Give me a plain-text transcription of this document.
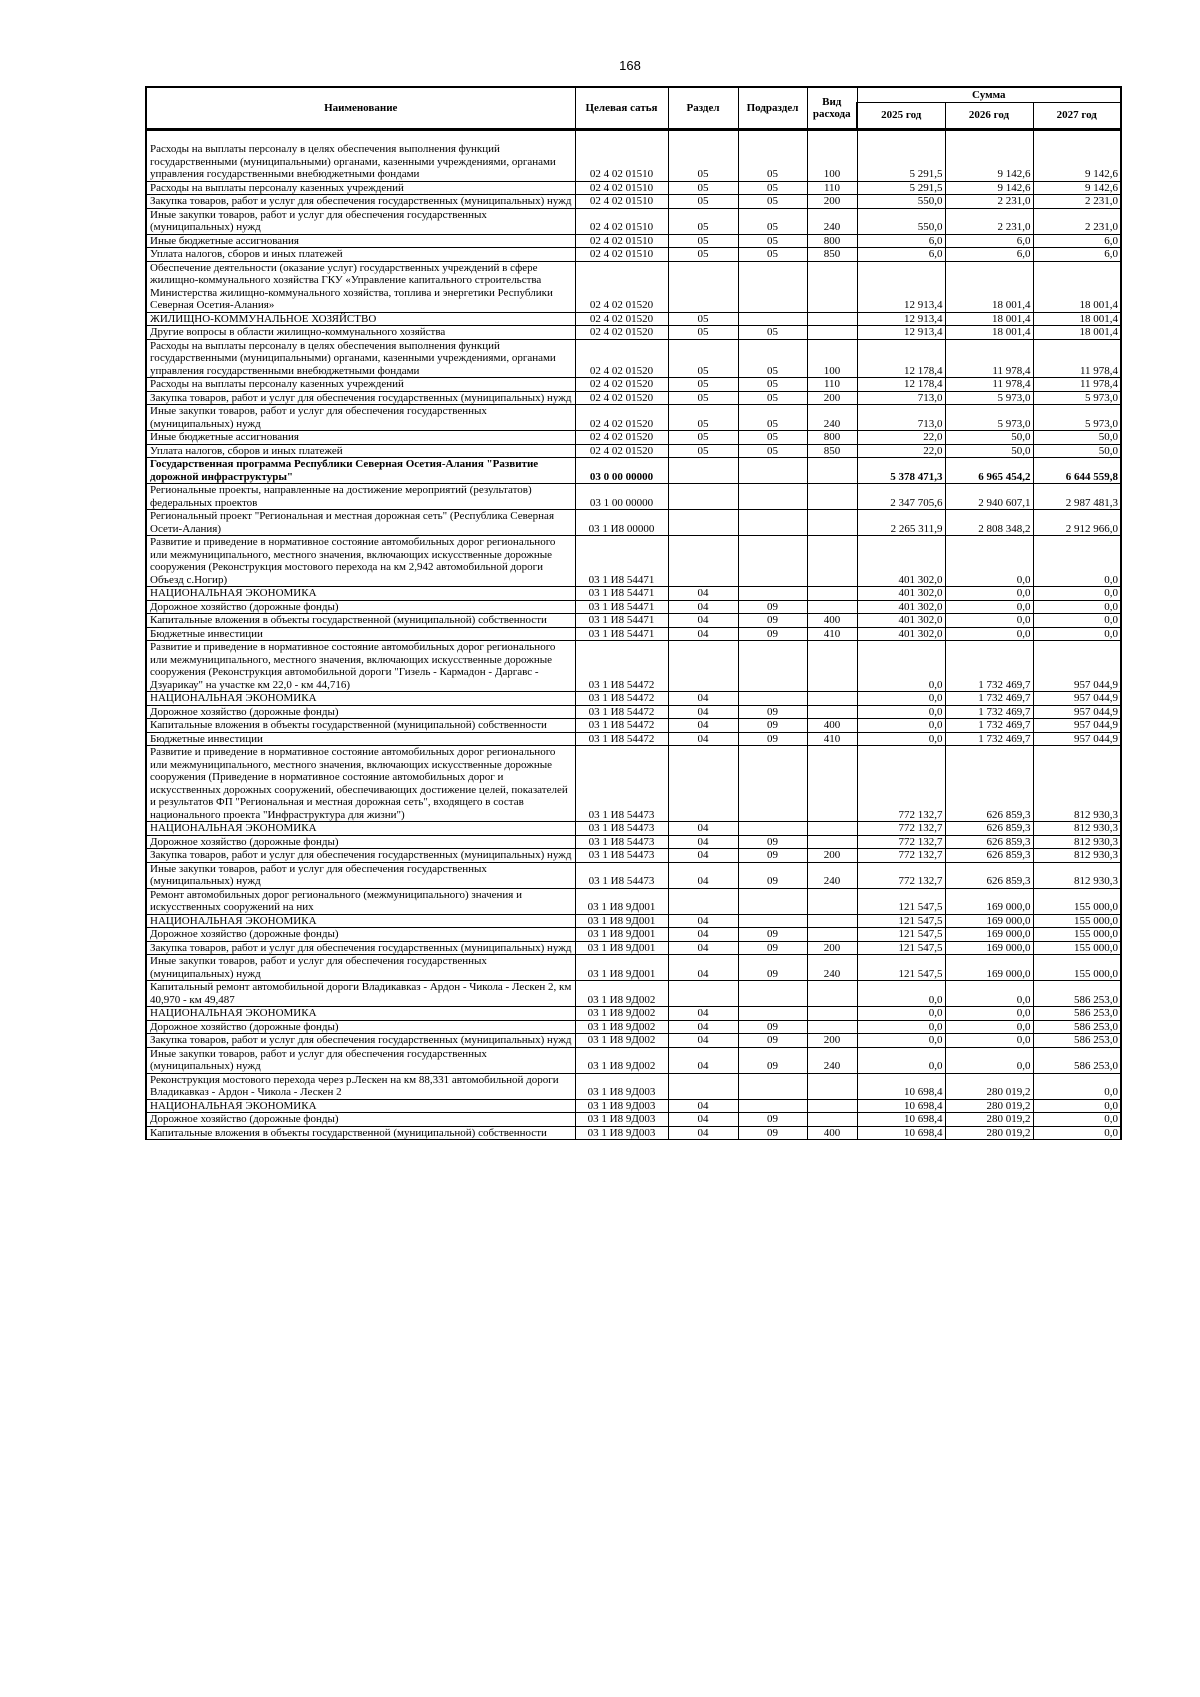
168
Наименование	Целевая сатья	Раздел	Подраздел	Вид расхода	Сумма		
					2025 год	2026 год	2027 год
Расходы на выплаты персоналу в целях обеспечения выполнения функций государственными (муниципальными) органами, казенными учреждениями, органами управления государственными внебюджетными фондами	02 4 02 01510	05	05	100	5 291,5	9 142,6	9 142,6
Расходы на выплаты персоналу казенных учреждений	02 4 02 01510	05	05	110	5 291,5	9 142,6	9 142,6
Закупка товаров, работ и услуг для обеспечения государственных (муниципальных) нужд	02 4 02 01510	05	05	200	550,0	2 231,0	2 231,0
Иные закупки товаров, работ и услуг для обеспечения государственных (муниципальных) нужд	02 4 02 01510	05	05	240	550,0	2 231,0	2 231,0
Иные бюджетные ассигнования	02 4 02 01510	05	05	800	6,0	6,0	6,0
Уплата налогов, сборов и иных платежей	02 4 02 01510	05	05	850	6,0	6,0	6,0
Обеспечение деятельности (оказание услуг) государственных учреждений в сфере жилищно-коммунального хозяйства ГКУ «Управление капитального строительства Министерства жилищно-коммунального хозяйства, топлива и энергетики Республики Северная Осетия-Алания»	02 4 02 01520				12 913,4	18 001,4	18 001,4
ЖИЛИЩНО-КОММУНАЛЬНОЕ ХОЗЯЙСТВО	02 4 02 01520	05			12 913,4	18 001,4	18 001,4
Другие вопросы в области жилищно-коммунального хозяйства	02 4 02 01520	05	05		12 913,4	18 001,4	18 001,4
Расходы на выплаты персоналу в целях обеспечения выполнения функций государственными (муниципальными) органами, казенными учреждениями, органами управления государственными внебюджетными фондами	02 4 02 01520	05	05	100	12 178,4	11 978,4	11 978,4
Расходы на выплаты персоналу казенных учреждений	02 4 02 01520	05	05	110	12 178,4	11 978,4	11 978,4
Закупка товаров, работ и услуг для обеспечения государственных (муниципальных) нужд	02 4 02 01520	05	05	200	713,0	5 973,0	5 973,0
Иные закупки товаров, работ и услуг для обеспечения государственных (муниципальных) нужд	02 4 02 01520	05	05	240	713,0	5 973,0	5 973,0
Иные бюджетные ассигнования	02 4 02 01520	05	05	800	22,0	50,0	50,0
Уплата налогов, сборов и иных платежей	02 4 02 01520	05	05	850	22,0	50,0	50,0
Государственная программа Республики Северная Осетия-Алания "Развитие дорожной инфраструктуры"	03 0 00 00000				5 378 471,3	6 965 454,2	6 644 559,8
Региональные проекты, направленные на достижение мероприятий (результатов) федеральных проектов	03 1 00 00000				2 347 705,6	2 940 607,1	2 987 481,3
Региональный проект "Региональная и местная дорожная сеть" (Республика Северная Осети-Алания)	03 1 И8 00000				2 265 311,9	2 808 348,2	2 912 966,0
Развитие и приведение в нормативное состояние автомобильных дорог регионального или межмуниципального, местного значения, включающих искусственные дорожные сооружения (Реконструкция мостового перехода на км 2,942 автомобильной дороги Объезд с.Ногир)	03 1 И8 54471				401 302,0	0,0	0,0
НАЦИОНАЛЬНАЯ ЭКОНОМИКА	03 1 И8 54471	04			401 302,0	0,0	0,0
Дорожное хозяйство (дорожные фонды)	03 1 И8 54471	04	09		401 302,0	0,0	0,0
Капитальные вложения в объекты государственной (муниципальной) собственности	03 1 И8 54471	04	09	400	401 302,0	0,0	0,0
Бюджетные инвестиции	03 1 И8 54471	04	09	410	401 302,0	0,0	0,0
Развитие и приведение в нормативное состояние автомобильных дорог регионального или межмуниципального, местного значения, включающих искусственные дорожные сооружения (Реконструкция автомобильной дороги "Гизель - Кармадон - Даргавс - Дзуарикау" на участке км 22,0 - км 44,716)	03 1 И8 54472				0,0	1 732 469,7	957 044,9
НАЦИОНАЛЬНАЯ ЭКОНОМИКА	03 1 И8 54472	04			0,0	1 732 469,7	957 044,9
Дорожное хозяйство (дорожные фонды)	03 1 И8 54472	04	09		0,0	1 732 469,7	957 044,9
Капитальные вложения в объекты государственной (муниципальной) собственности	03 1 И8 54472	04	09	400	0,0	1 732 469,7	957 044,9
Бюджетные инвестиции	03 1 И8 54472	04	09	410	0,0	1 732 469,7	957 044,9
Развитие и приведение в нормативное состояние автомобильных дорог регионального или межмуниципального, местного значения, включающих искусственные дорожные сооружения (Приведение в нормативное состояние автомобильных дорог и искусственных дорожных сооружений, обеспечивающих достижение целей, показателей и результатов ФП "Региональная и местная дорожная сеть", входящего в состав национального проекта "Инфраструктура для жизни")	03 1 И8 54473				772 132,7	626 859,3	812 930,3
НАЦИОНАЛЬНАЯ ЭКОНОМИКА	03 1 И8 54473	04			772 132,7	626 859,3	812 930,3
Дорожное хозяйство (дорожные фонды)	03 1 И8 54473	04	09		772 132,7	626 859,3	812 930,3
Закупка товаров, работ и услуг для обеспечения государственных (муниципальных) нужд	03 1 И8 54473	04	09	200	772 132,7	626 859,3	812 930,3
Иные закупки товаров, работ и услуг для обеспечения государственных (муниципальных) нужд	03 1 И8 54473	04	09	240	772 132,7	626 859,3	812 930,3
Ремонт автомобильных дорог регионального (межмуниципального) значения и искусственных сооружений на них	03 1 И8 9Д001				121 547,5	169 000,0	155 000,0
НАЦИОНАЛЬНАЯ ЭКОНОМИКА	03 1 И8 9Д001	04			121 547,5	169 000,0	155 000,0
Дорожное хозяйство (дорожные фонды)	03 1 И8 9Д001	04	09		121 547,5	169 000,0	155 000,0
Закупка товаров, работ и услуг для обеспечения государственных (муниципальных) нужд	03 1 И8 9Д001	04	09	200	121 547,5	169 000,0	155 000,0
Иные закупки товаров, работ и услуг для обеспечения государственных (муниципальных) нужд	03 1 И8 9Д001	04	09	240	121 547,5	169 000,0	155 000,0
Капитальный ремонт автомобильной дороги Владикавказ - Ардон - Чикола - Лескен 2, км 40,970 - км 49,487	03 1 И8 9Д002				0,0	0,0	586 253,0
НАЦИОНАЛЬНАЯ ЭКОНОМИКА	03 1 И8 9Д002	04			0,0	0,0	586 253,0
Дорожное хозяйство (дорожные фонды)	03 1 И8 9Д002	04	09		0,0	0,0	586 253,0
Закупка товаров, работ и услуг для обеспечения государственных (муниципальных) нужд	03 1 И8 9Д002	04	09	200	0,0	0,0	586 253,0
Иные закупки товаров, работ и услуг для обеспечения государственных (муниципальных) нужд	03 1 И8 9Д002	04	09	240	0,0	0,0	586 253,0
Реконструкция мостового перехода через р.Лескен на км 88,331 автомобильной дороги Владикавказ - Ардон - Чикола - Лескен 2	03 1 И8 9Д003				10 698,4	280 019,2	0,0
НАЦИОНАЛЬНАЯ ЭКОНОМИКА	03 1 И8 9Д003	04			10 698,4	280 019,2	0,0
Дорожное хозяйство (дорожные фонды)	03 1 И8 9Д003	04	09		10 698,4	280 019,2	0,0
Капитальные вложения в объекты государственной (муниципальной) собственности	03 1 И8 9Д003	04	09	400	10 698,4	280 019,2	0,0
